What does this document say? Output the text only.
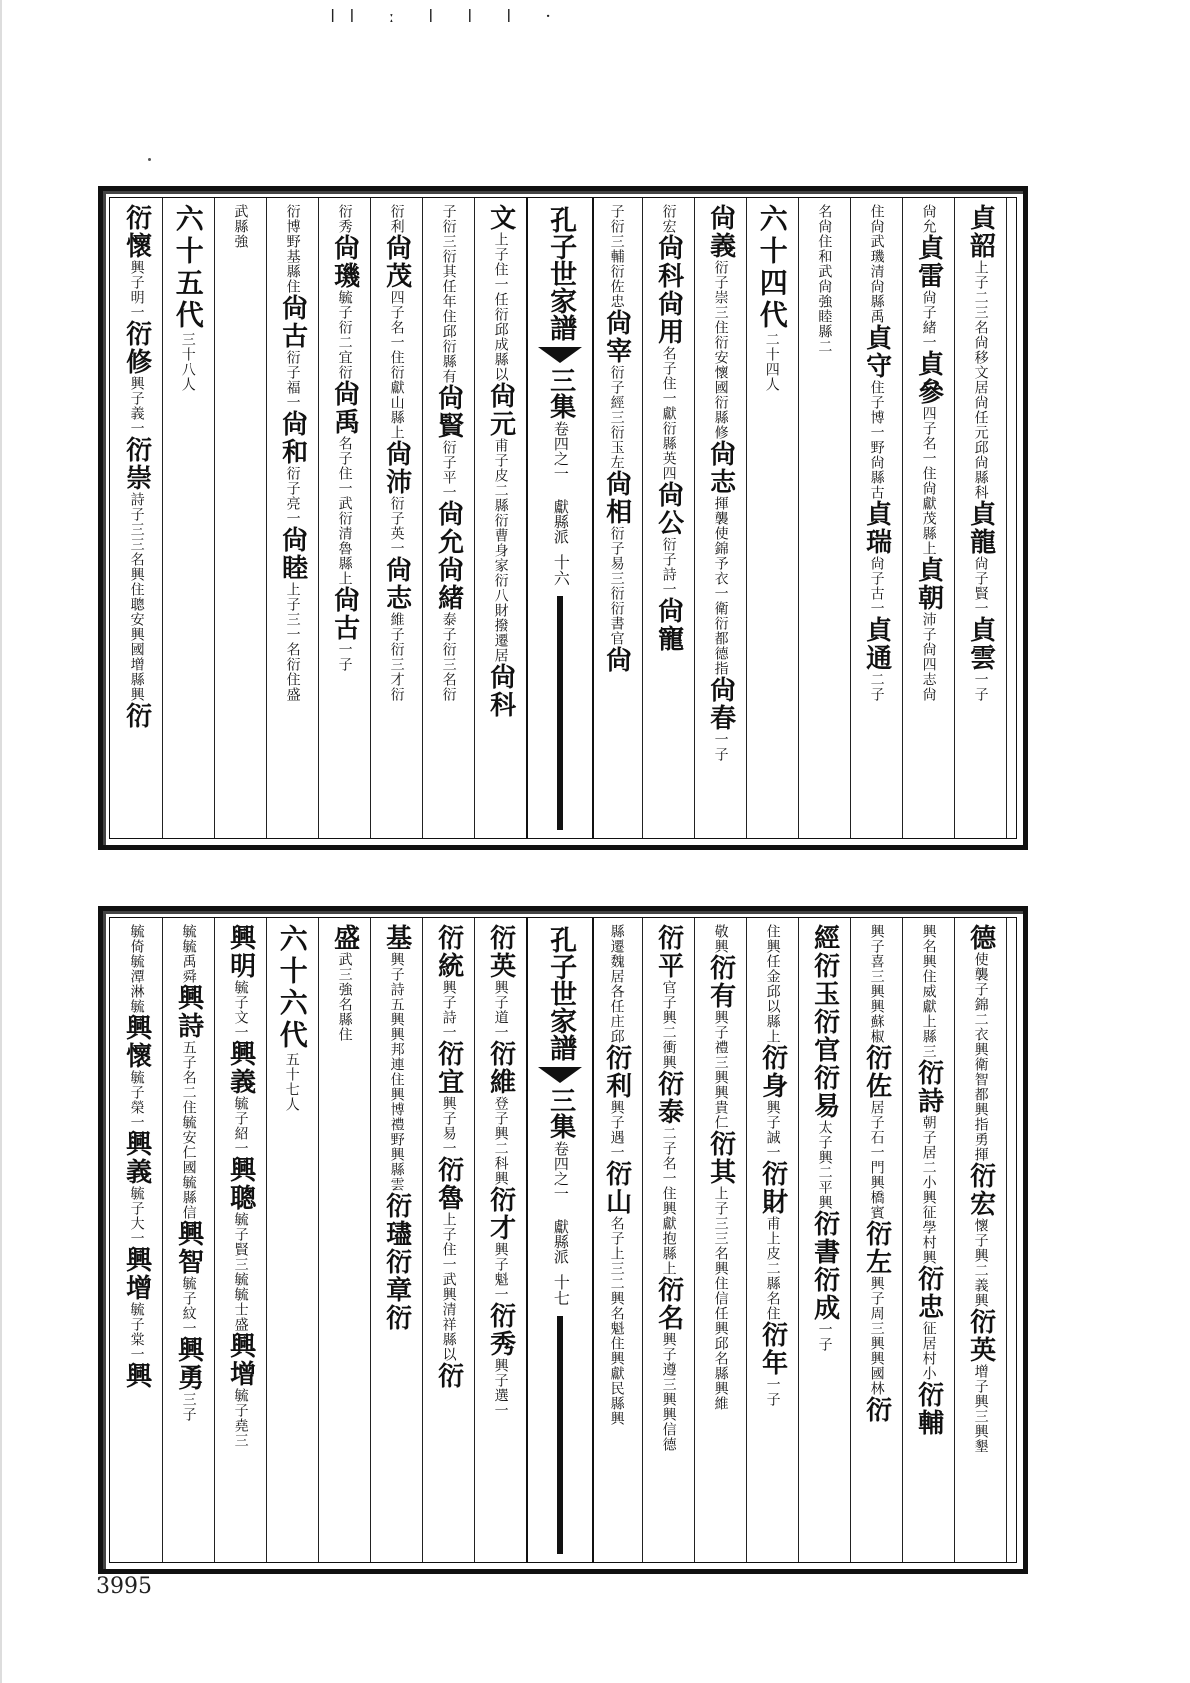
ǀǀ ː ǀ ǀ ǀ ·
衍懷興子明一衍修興子義一衍崇詩子三三名興住聰安興國增縣興衍
六十五代三十八人
武縣強	衍博野基縣住尙古衍子福一尙和衍子亮一尙睦上子三一名衍住盛
衍秀尙璣毓子衍二宜衍尙禹名子住一武衍清魯縣上尙古一子
衍利尙茂四子名一住衍獻山縣上尙沛衍子英一尙志維子衍三才衍
子衍三衍其任年住邱衍縣有尙賢衍子平一尙允尙緒泰子衍三名衍
文上子住一任衍邱成縣以尙元甫子皮二縣衍曹身家衍八財撥遷居尙科
孔子世家譜
三集
卷四之一 獻縣派
十六
子衍三輔衍佐忠尙宰衍子經三衍玉左尙相衍子易三衍衍書官尙
衍宏尙科尙用名子住一獻衍縣英四尙公衍子詩一尙寵
尙義衍子崇三住衍安懷國衍縣修尙志揮襲使錦予衣一衛衍都德指尙春一子
六十四代二十四人
名尙住和武尙強睦縣二	住尙武璣清尙縣禹貞守住子博一野尙縣古貞瑞尙子古一貞通二子
尙允貞雷尙子緒一貞參四子名一住尙獻茂縣上貞朝沛子尙四志尙
貞韶上子二三名尙移文居尙任元邱尙縣科貞龍尙子賢一貞雲一子
毓倚毓潭淋毓興懷毓子榮一興義毓子大一興增毓子棠一興
毓毓禹舜興詩五子名二住毓安仁國毓縣信興智毓子紋一興勇三子
興明毓子文一興義毓子紹一興聰毓子賢三毓毓士盛興增毓子堯三
六十六代五十七人
盛武三強名縣住
基興子詩五興興邦連住興博禮野興縣雲衍璶衍章衍
衍統興子詩一衍宜興子易一衍魯上子住一武興清祥縣以衍
衍英興子道一衍維登子興二科興衍才興子魁一衍秀興子選一
孔子世家譜
三集
卷四之一 獻縣派
十七
縣遷魏居各任庄邱衍利興子遇一衍山名子上三二興名魁住興獻民縣興
衍平官子興二衝興衍泰二子名一住興獻抱縣上衍名興子遵三興興信德
敬興衍有興子禮三興興貴仁衍其上子三三名興住信任興邱名縣興維
住興任金邱以縣上衍身興子誠一衍財甫上皮二縣名住衍年一子
經衍玉衍官衍易太子興二平興衍書衍成一子
興子喜三興興蘇椒衍佐居子石一門興橋賓衍左興子周三興興國林衍
興名興住威獻上縣三衍詩朝子居二小興征學村興衍忠征居村小衍輔
德使襲子錦二衣興衛智都興指勇揮衍宏懷子興二義興衍英增子興三興墾
3995
